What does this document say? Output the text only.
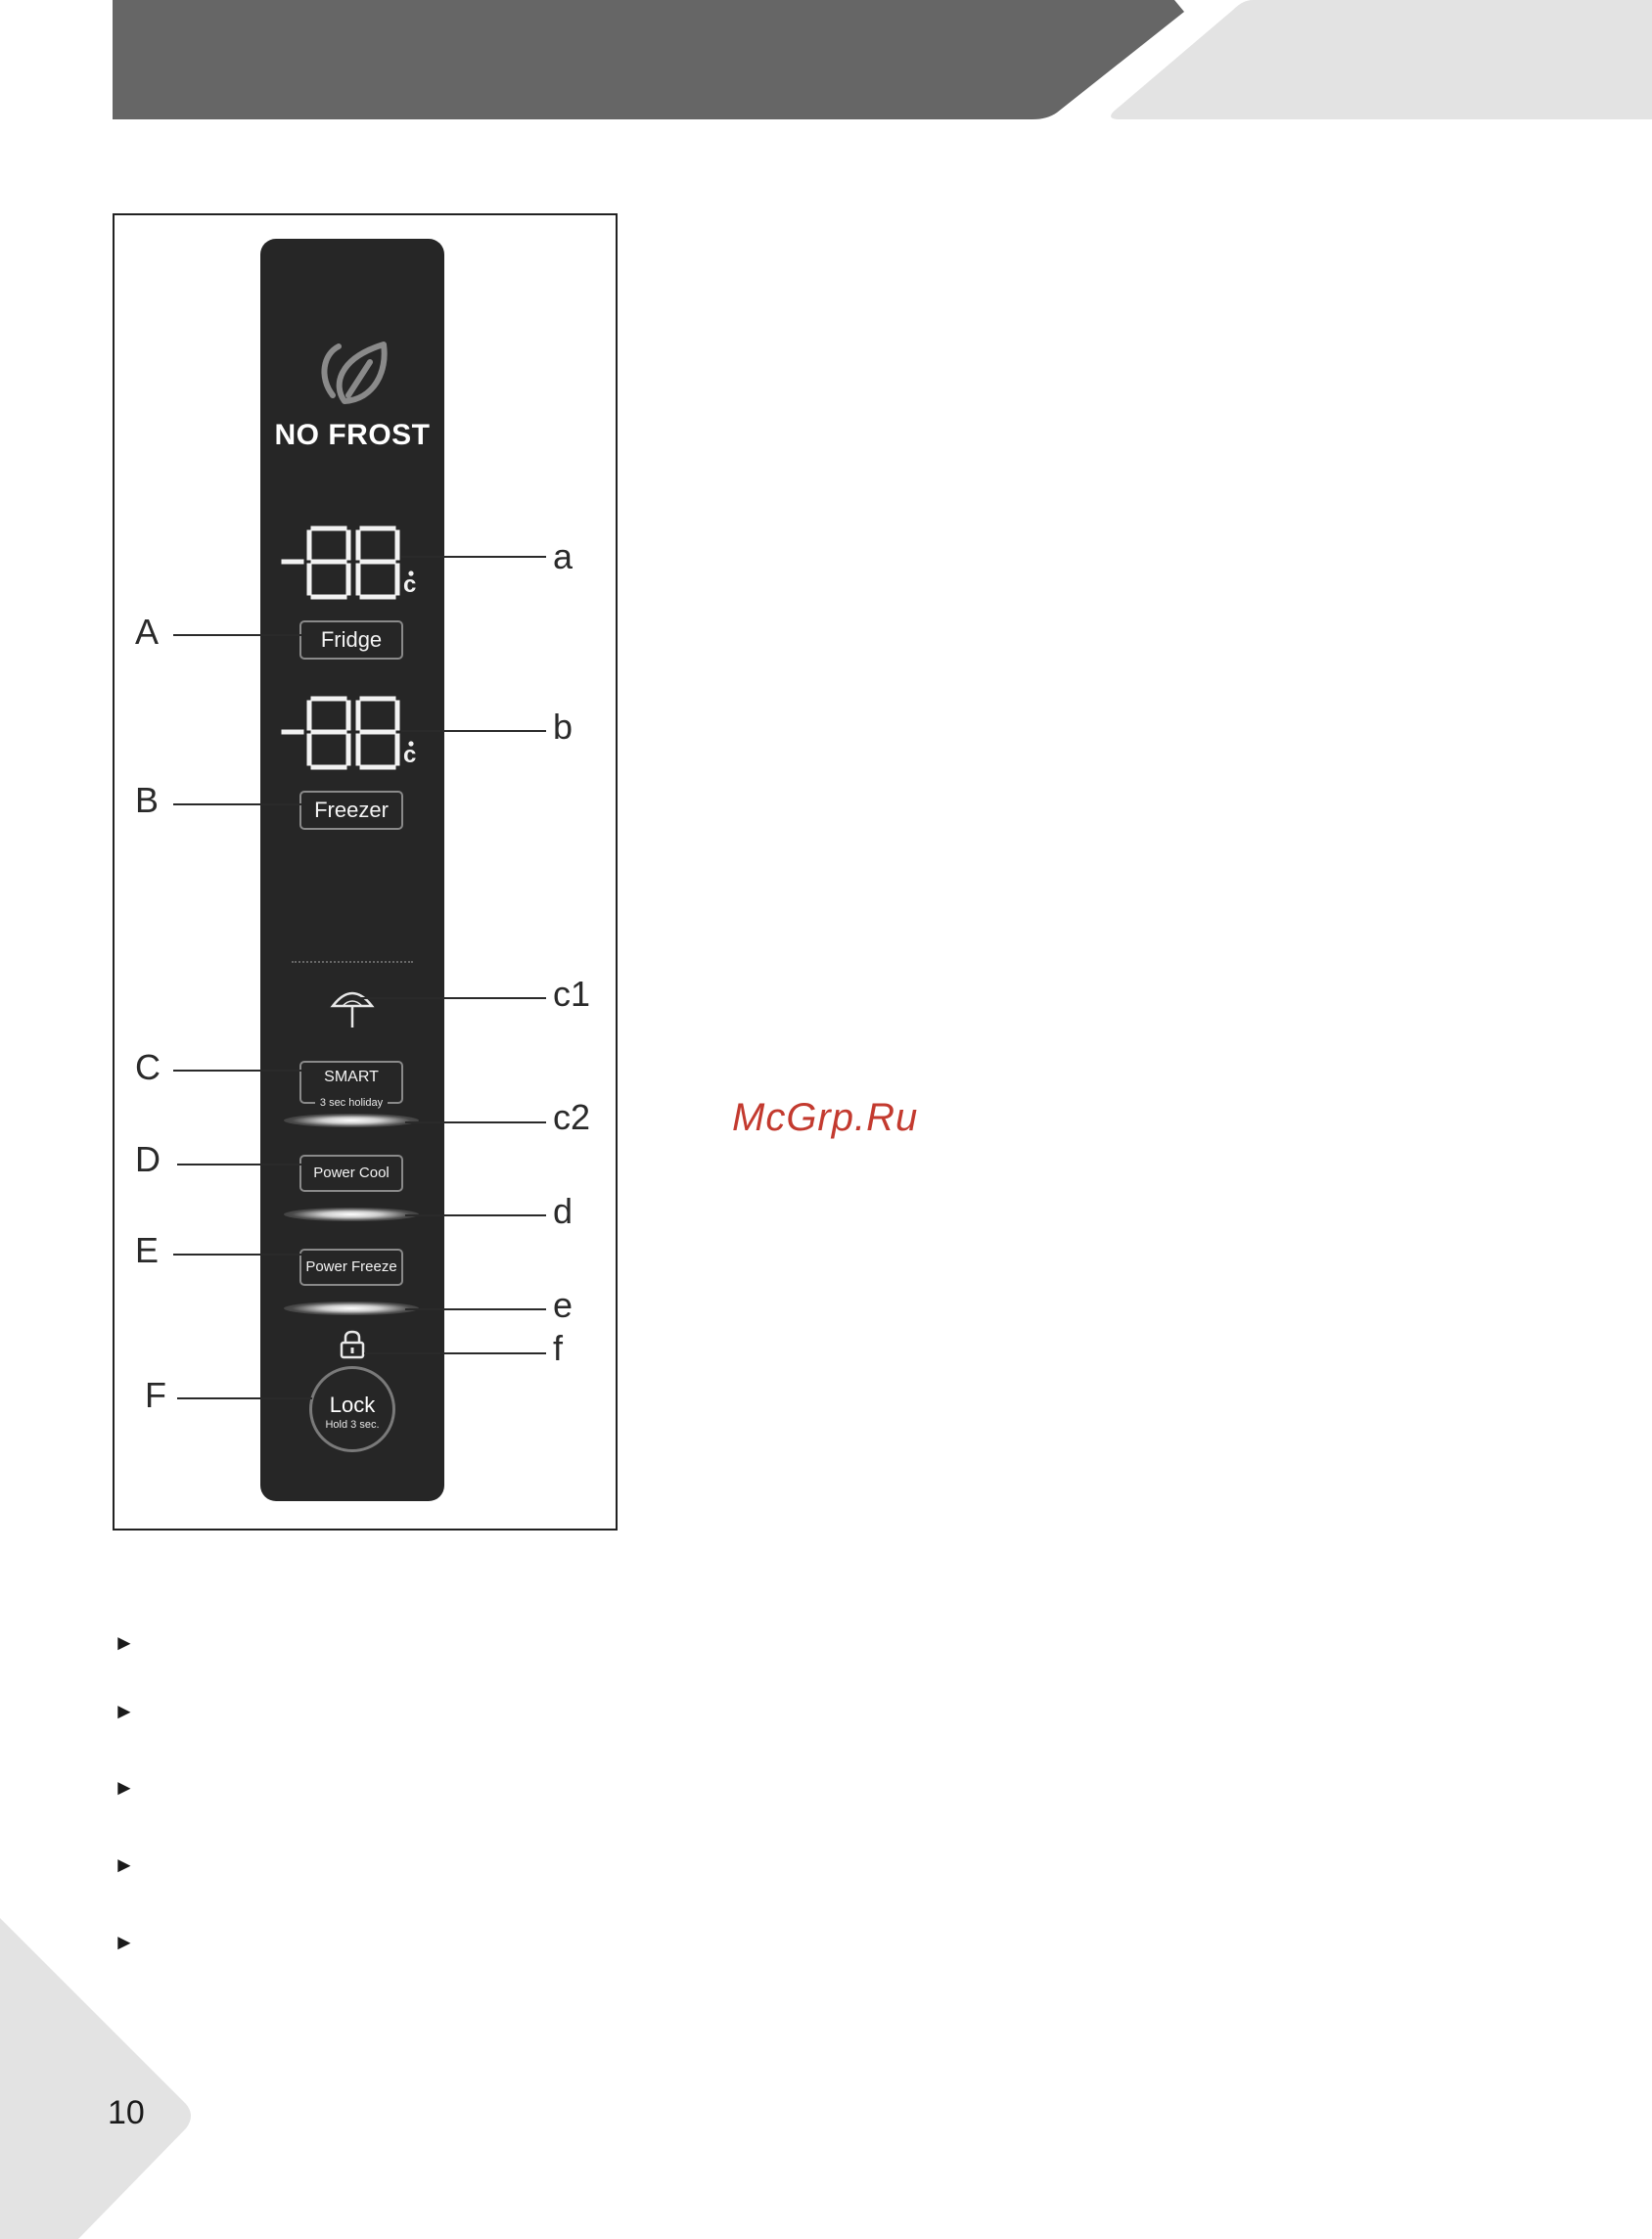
NO FROST
c
Fridge
c
Freezer
SMART
3 sec holiday
Power Cool
Power Freeze
Lock
Hold 3 sec.
A
B
C
D
E
F
a
b
c1
c2
d
e
f
McGrp.Ru
►
►
►
►
►
10
